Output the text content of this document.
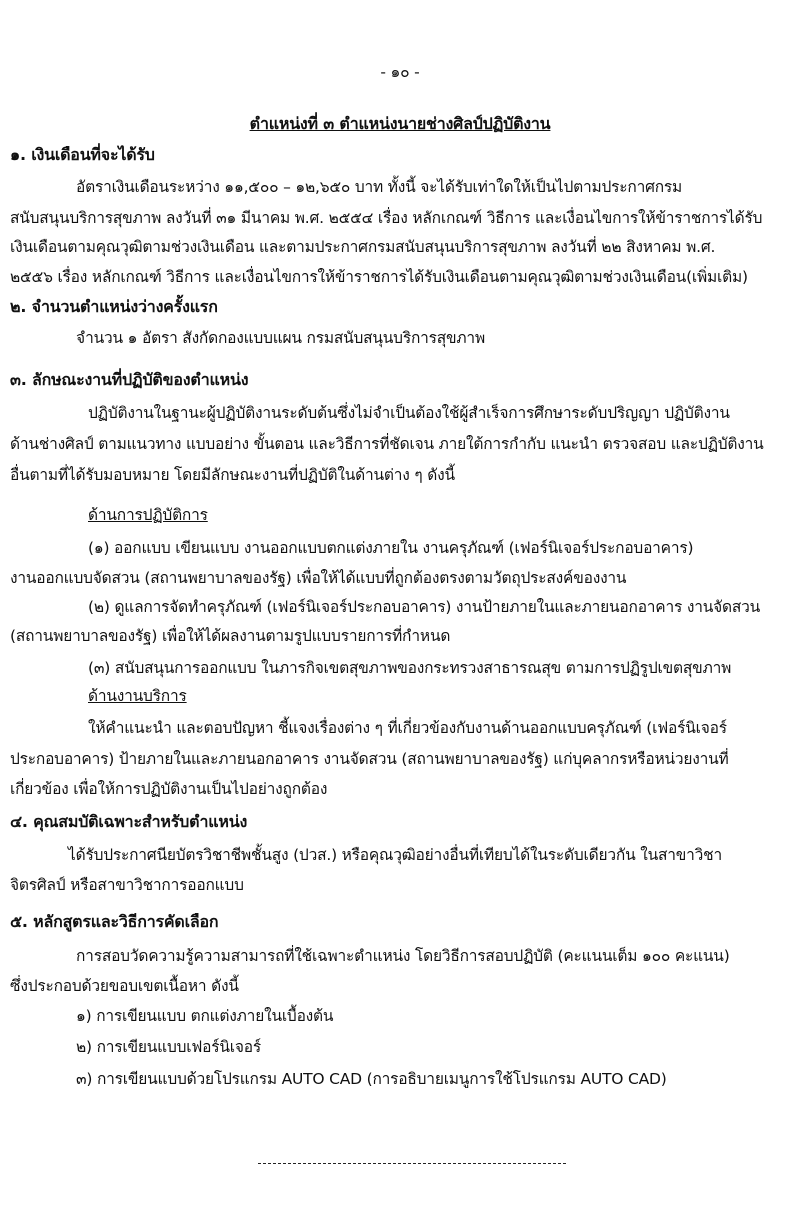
- ๑๐ -
ตำแหน่งที่ ๓ ตำแหน่งนายช่างศิลป์ปฏิบัติงาน
๑. เงินเดือนที่จะได้รับ
อัตราเงินเดือนระหว่าง ๑๑,๕๐๐ – ๑๒,๖๕๐ บาท ทั้งนี้ จะได้รับเท่าใดให้เป็นไปตามประกาศกรม
สนับสนุนบริการสุขภาพ ลงวันที่ ๓๑ มีนาคม พ.ศ. ๒๕๕๔ เรื่อง หลักเกณฑ์ วิธีการ และเงื่อนไขการให้ข้าราชการได้รับ
เงินเดือนตามคุณวุฒิตามช่วงเงินเดือน และตามประกาศกรมสนับสนุนบริการสุขภาพ ลงวันที่ ๒๒ สิงหาคม พ.ศ.
๒๕๕๖ เรื่อง หลักเกณฑ์ วิธีการ และเงื่อนไขการให้ข้าราชการได้รับเงินเดือนตามคุณวุฒิตามช่วงเงินเดือน(เพิ่มเติม)
๒. จำนวนตำแหน่งว่างครั้งแรก
จำนวน ๑ อัตรา สังกัดกองแบบแผน กรมสนับสนุนบริการสุขภาพ
๓. ลักษณะงานที่ปฏิบัติของตำแหน่ง
ปฏิบัติงานในฐานะผู้ปฏิบัติงานระดับต้นซึ่งไม่จำเป็นต้องใช้ผู้สำเร็จการศึกษาระดับปริญญา ปฏิบัติงาน
ด้านช่างศิลป์ ตามแนวทาง แบบอย่าง ขั้นตอน และวิธีการที่ชัดเจน ภายใต้การกำกับ แนะนำ ตรวจสอบ และปฏิบัติงาน
อื่นตามที่ได้รับมอบหมาย โดยมีลักษณะงานที่ปฏิบัติในด้านต่าง ๆ ดังนี้
ด้านการปฏิบัติการ
(๑) ออกแบบ เขียนแบบ งานออกแบบตกแต่งภายใน งานครุภัณฑ์ (เฟอร์นิเจอร์ประกอบอาคาร)
งานออกแบบจัดสวน (สถานพยาบาลของรัฐ) เพื่อให้ได้แบบที่ถูกต้องตรงตามวัตถุประสงค์ของงาน
(๒) ดูแลการจัดทำครุภัณฑ์ (เฟอร์นิเจอร์ประกอบอาคาร) งานป้ายภายในและภายนอกอาคาร งานจัดสวน
(สถานพยาบาลของรัฐ) เพื่อให้ได้ผลงานตามรูปแบบรายการที่กำหนด
(๓) สนับสนุนการออกแบบ ในภารกิจเขตสุขภาพของกระทรวงสาธารณสุข ตามการปฏิรูปเขตสุขภาพ
ด้านงานบริการ
ให้คำแนะนำ และตอบปัญหา ชี้แจงเรื่องต่าง ๆ ที่เกี่ยวข้องกับงานด้านออกแบบครุภัณฑ์ (เฟอร์นิเจอร์
ประกอบอาคาร) ป้ายภายในและภายนอกอาคาร งานจัดสวน (สถานพยาบาลของรัฐ) แก่บุคลากรหรือหน่วยงานที่
เกี่ยวข้อง เพื่อให้การปฏิบัติงานเป็นไปอย่างถูกต้อง
๔. คุณสมบัติเฉพาะสำหรับตำแหน่ง
ได้รับประกาศนียบัตรวิชาชีพชั้นสูง (ปวส.) หรือคุณวุฒิอย่างอื่นที่เทียบได้ในระดับเดียวกัน ในสาขาวิชา
จิตรศิลป์ หรือสาขาวิชาการออกแบบ
๕. หลักสูตรและวิธีการคัดเลือก
การสอบวัดความรู้ความสามารถที่ใช้เฉพาะตำแหน่ง โดยวิธีการสอบปฏิบัติ (คะแนนเต็ม ๑๐๐ คะแนน)
ซึ่งประกอบด้วยขอบเขตเนื้อหา ดังนี้
๑) การเขียนแบบ ตกแต่งภายในเบื้องต้น
๒) การเขียนแบบเฟอร์นิเจอร์
๓) การเขียนแบบด้วยโปรแกรม AUTO CAD (การอธิบายเมนูการใช้โปรแกรม AUTO CAD)
